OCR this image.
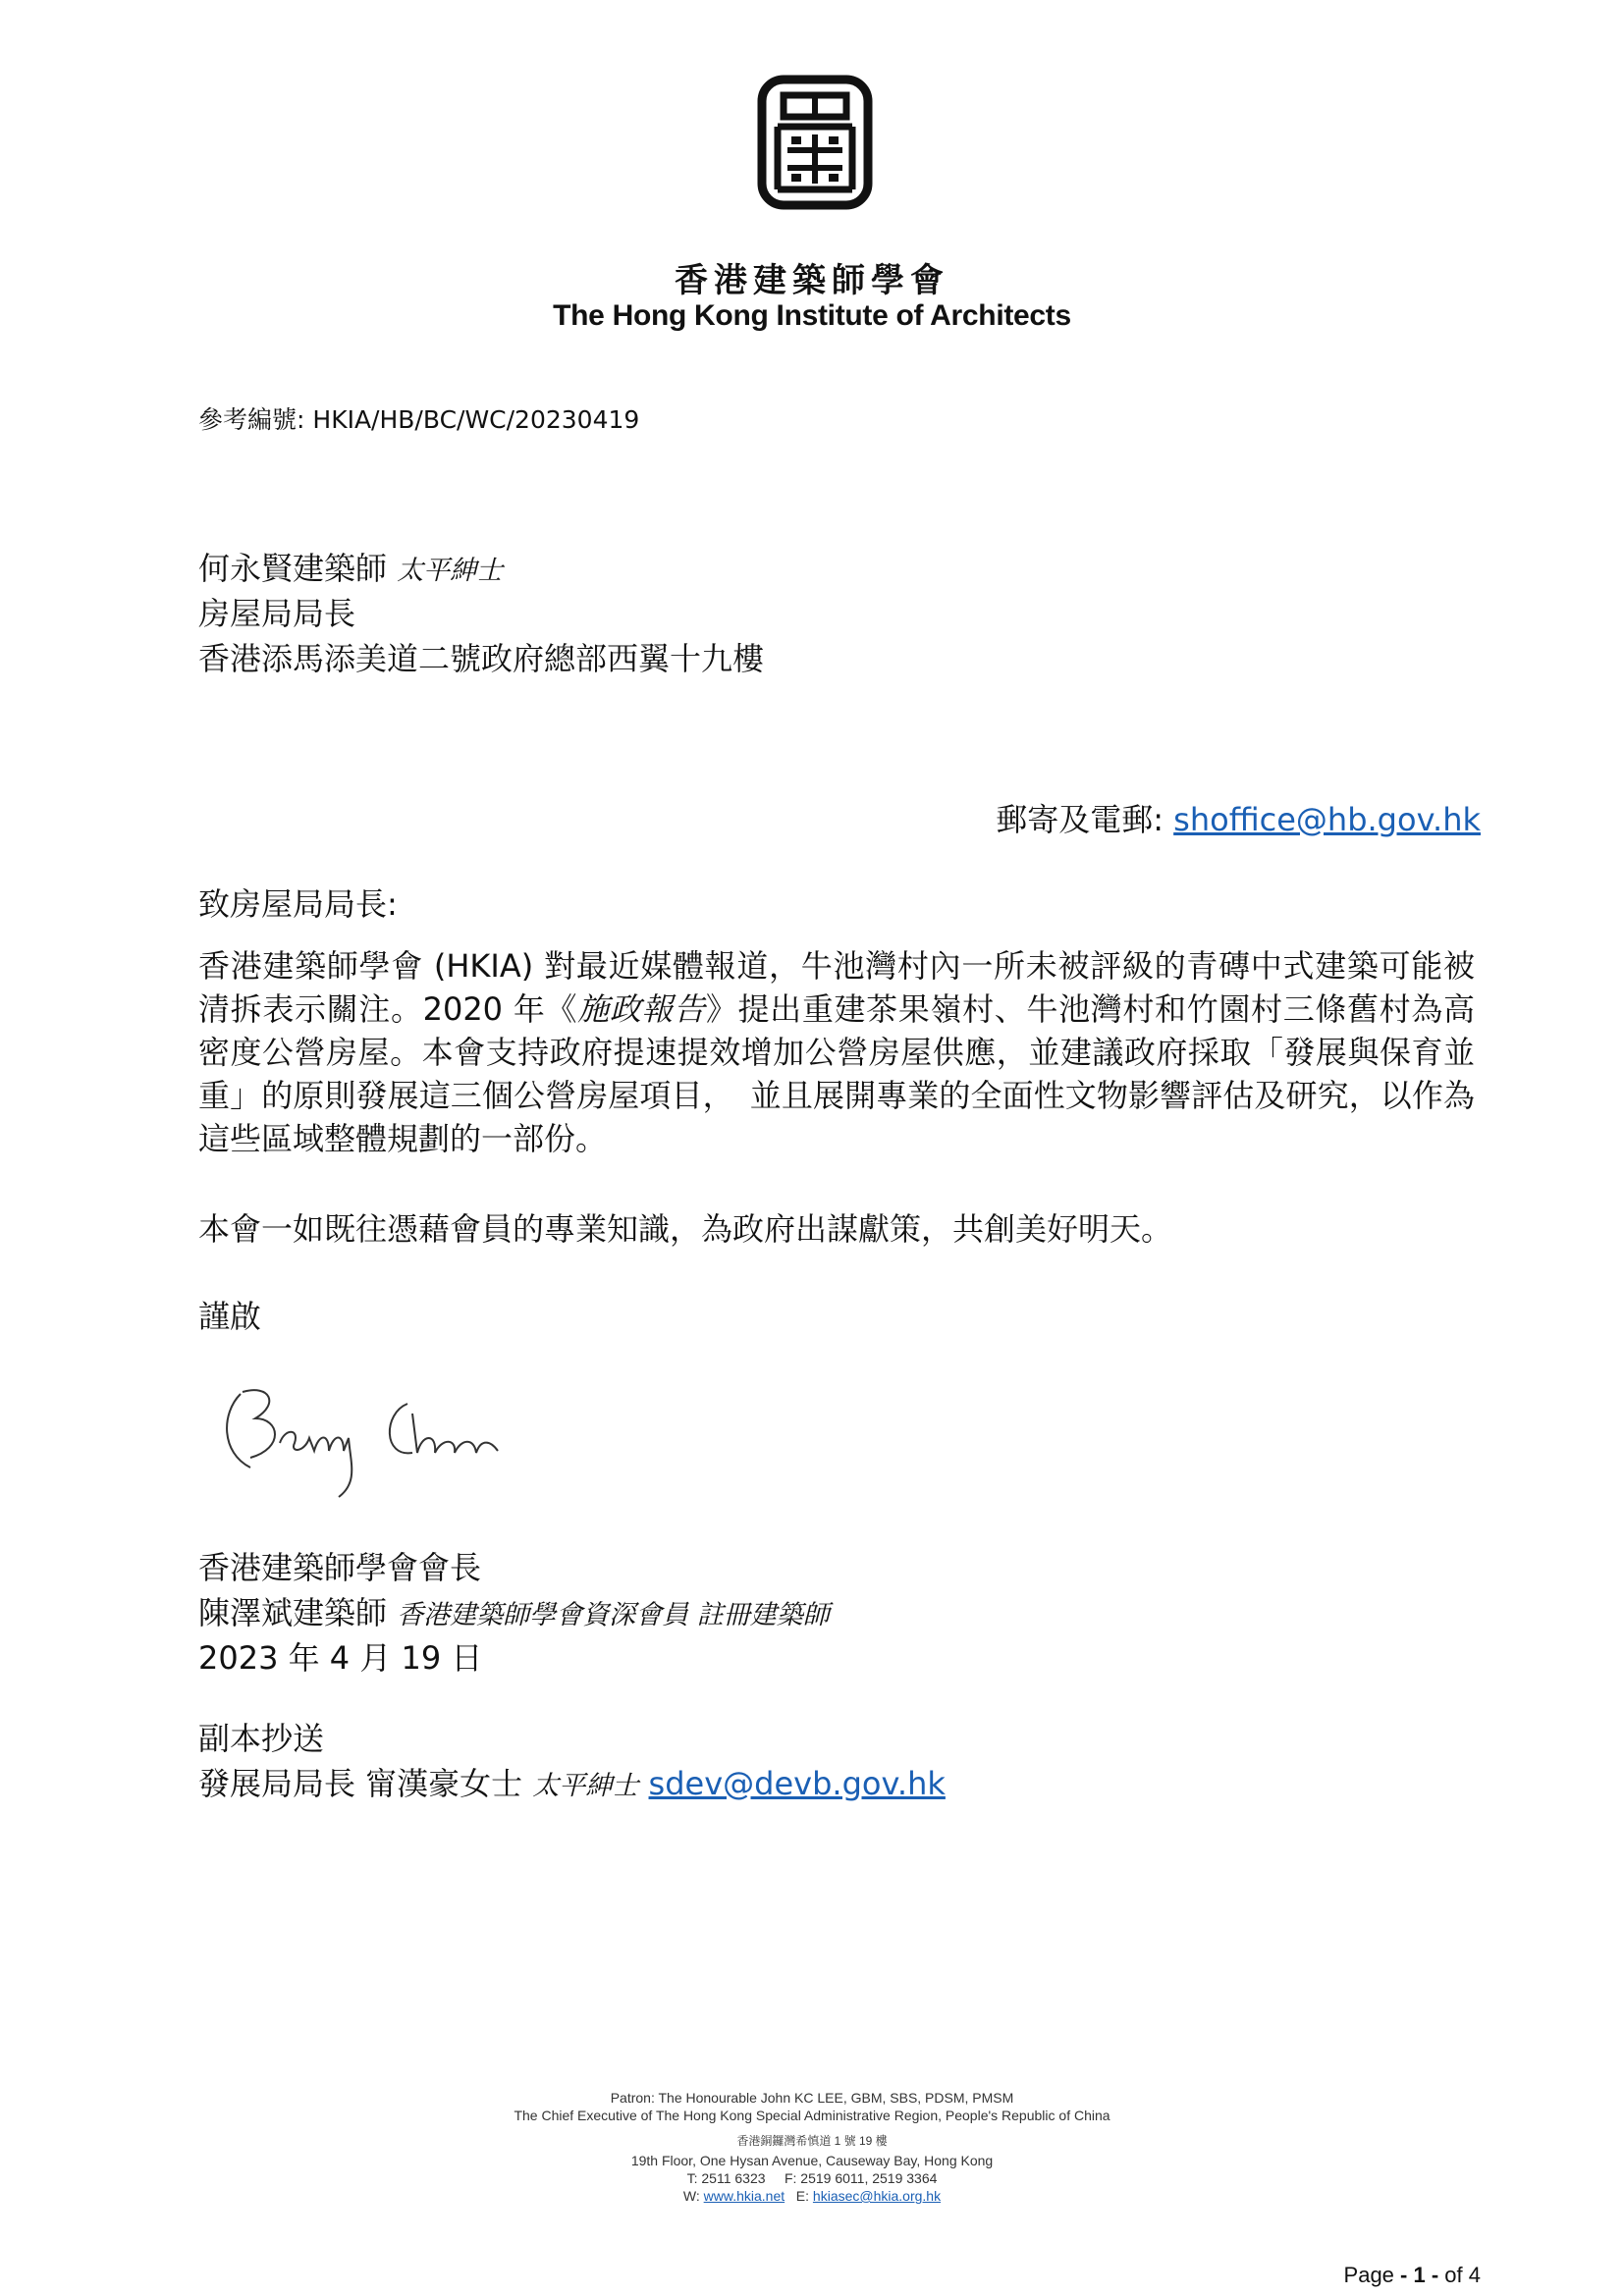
香港建築師學會
The Hong Kong Institute of Architects
參考編號: HKIA/HB/BC/WC/20230419
何永賢建築師 太平紳士
房屋局局長
香港添馬添美道二號政府總部西翼十九樓
郵寄及電郵: shoffice@hb.gov.hk
致房屋局局長:
香港建築師學會 (HKIA) 對最近媒體報道，牛池灣村內一所未被評級的青磚中式建築可能被清拆表示關注。2020 年《施政報告》提出重建茶果嶺村、牛池灣村和竹園村三條舊村為高密度公營房屋。本會支持政府提速提效增加公營房屋供應，並建議政府採取「發展與保育並重」的原則發展這三個公營房屋項目，　並且展開專業的全面性文物影響評估及研究，以作為這些區域整體規劃的一部份。
本會一如既往憑藉會員的專業知識，為政府出謀獻策，共創美好明天。
謹啟
香港建築師學會會長
陳澤斌建築師 香港建築師學會資深會員 註冊建築師
2023 年 4 月 19 日
副本抄送
發展局局長 甯漢豪女士 太平紳士 sdev@devb.gov.hk
Patron: The Honourable John KC LEE, GBM, SBS, PDSM, PMSM
The Chief Executive of The Hong Kong Special Administrative Region, People's Republic of China
香港銅鑼灣希慎道 1 號 19 樓
19th Floor, One Hysan Avenue, Causeway Bay, Hong Kong
T: 2511 6323 F: 2519 6011, 2519 3364
W: www.hkia.net E: hkiasec@hkia.org.hk
Page - 1 - of 4
